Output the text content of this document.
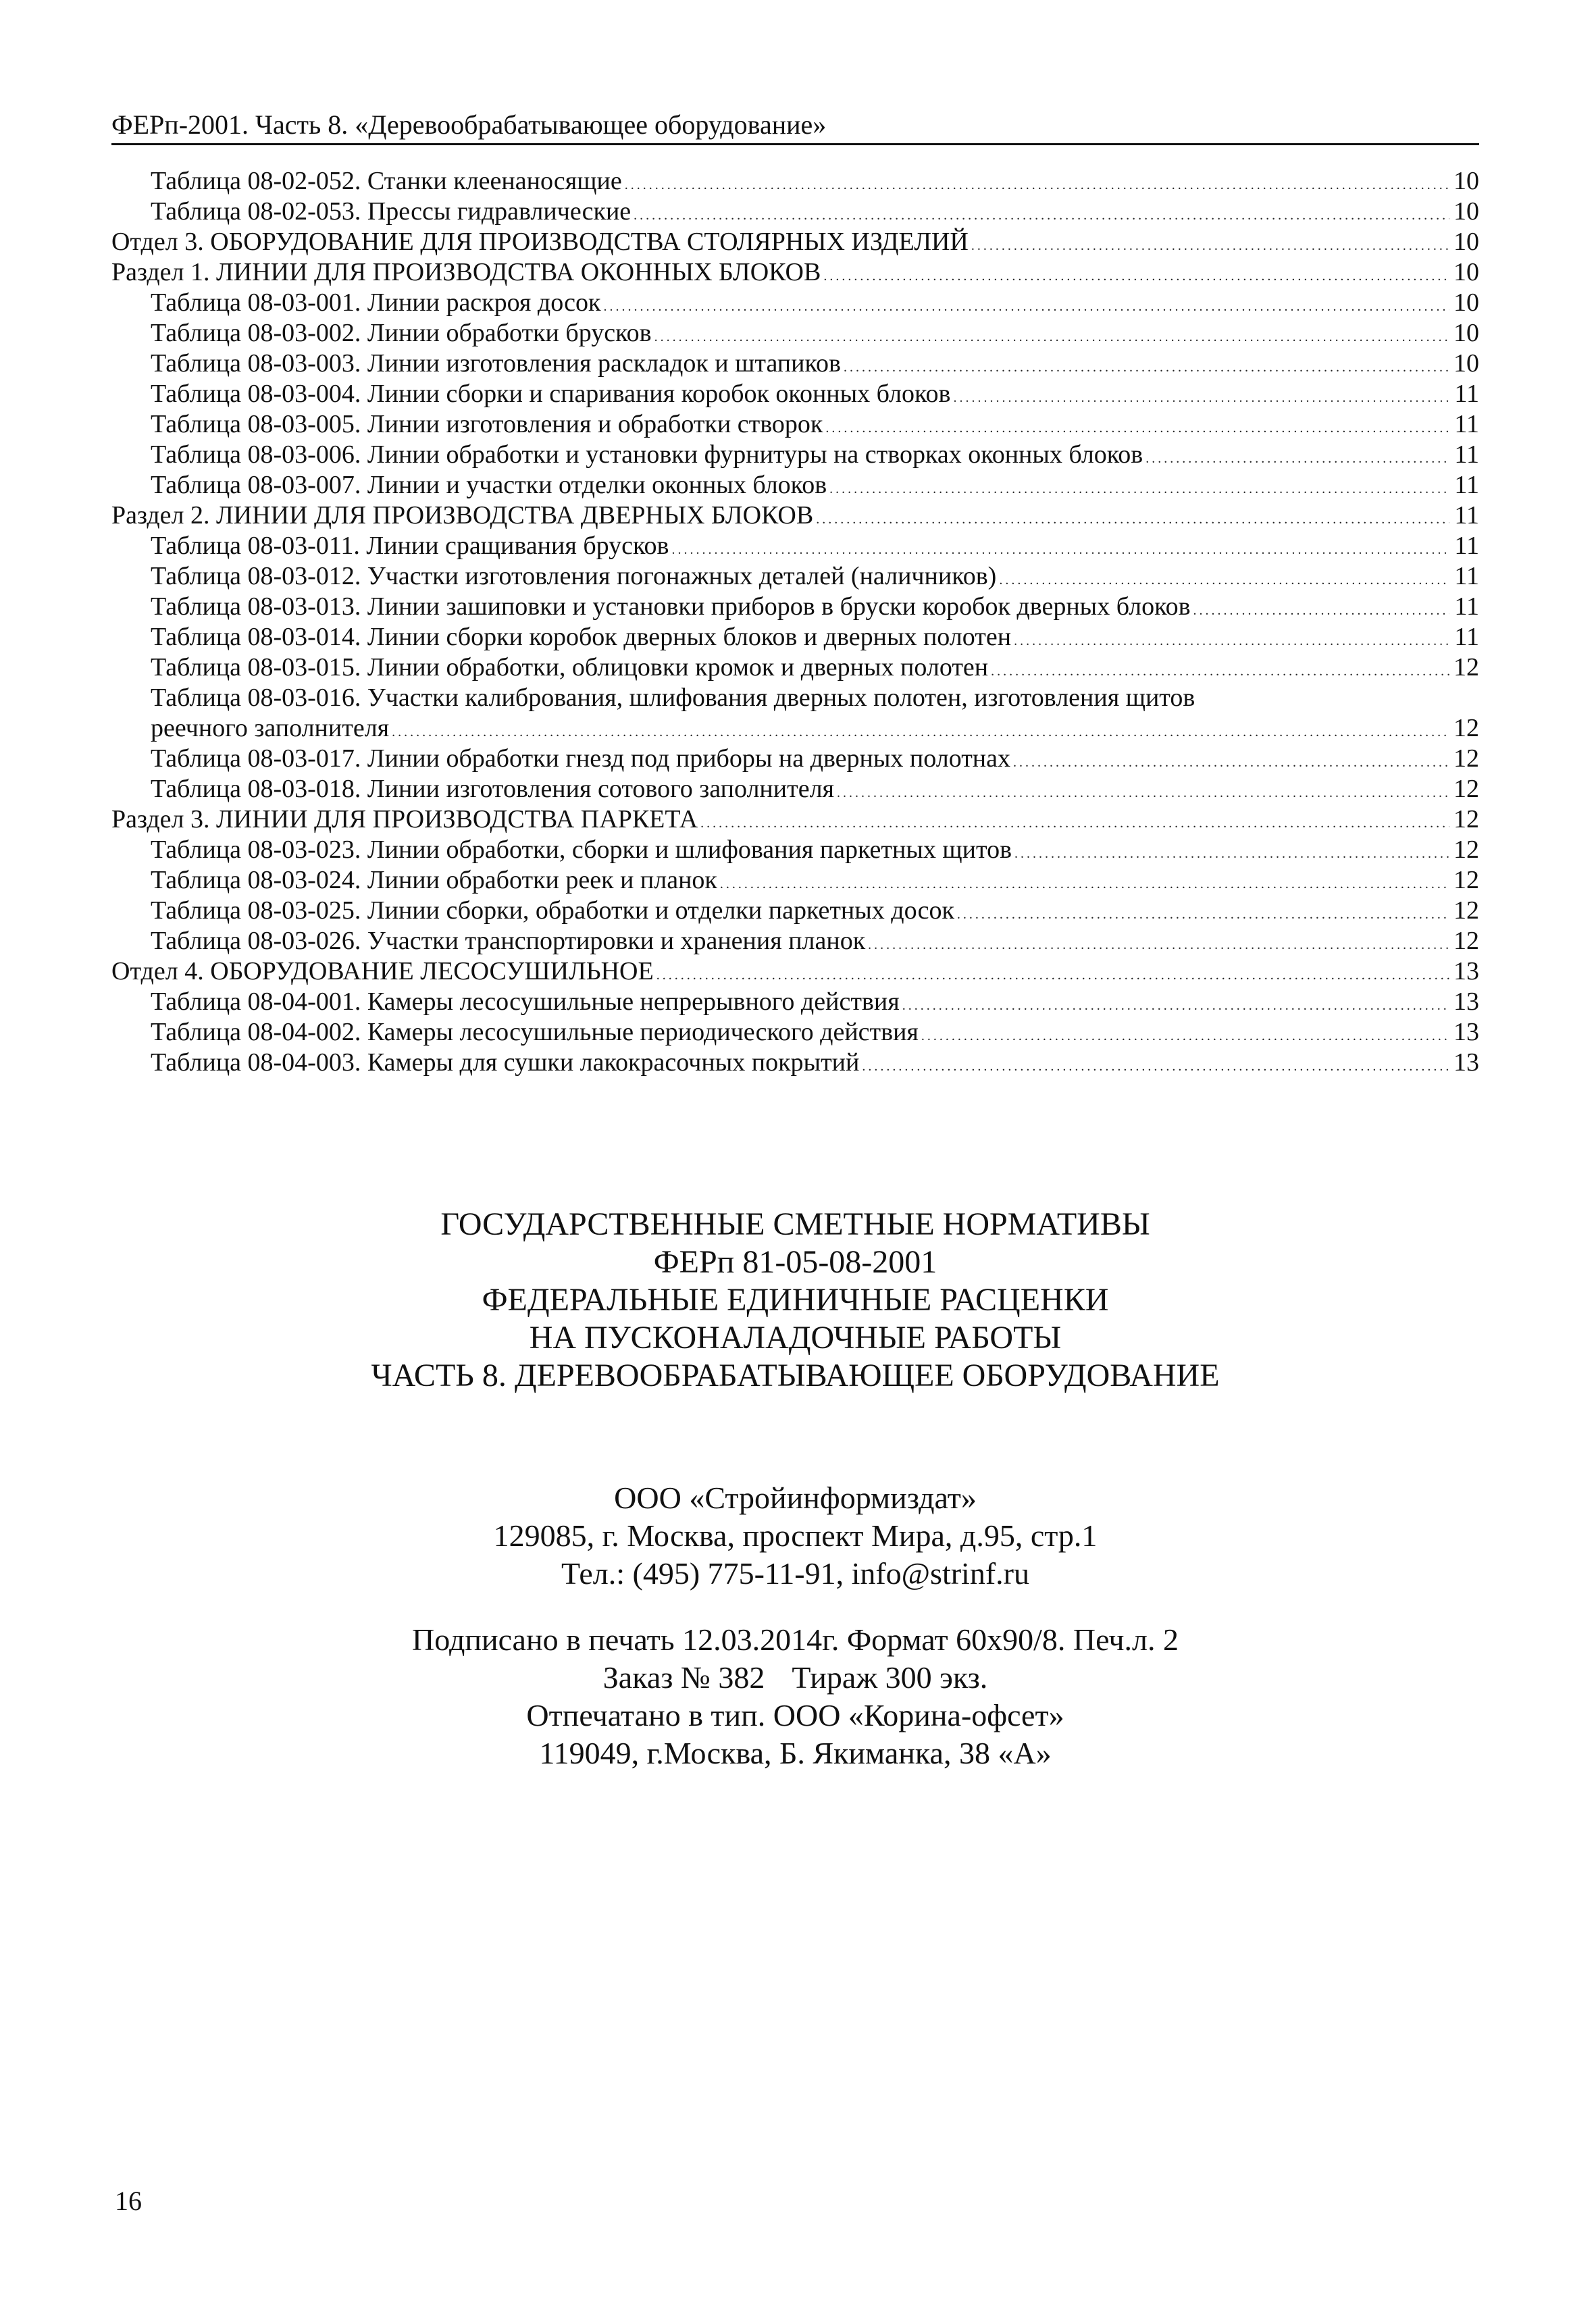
ФЕРп-2001. Часть 8. «Деревообрабатывающее оборудование»
Таблица 08-02-052. Станки клеенаносящие .....	10
Таблица 08-02-053. Прессы гидравлические .....	10
Отдел 3. ОБОРУДОВАНИЕ ДЛЯ ПРОИЗВОДСТВА СТОЛЯРНЫХ ИЗДЕЛИЙ .....	10
Раздел 1. ЛИНИИ ДЛЯ ПРОИЗВОДСТВА ОКОННЫХ БЛОКОВ .....	10
Таблица 08-03-001. Линии раскроя досок .....	10
Таблица 08-03-002. Линии обработки брусков .....	10
Таблица 08-03-003. Линии изготовления раскладок и штапиков .....	10
Таблица 08-03-004. Линии сборки и спаривания коробок оконных блоков .....	11
Таблица 08-03-005. Линии изготовления и обработки створок .....	11
Таблица 08-03-006. Линии обработки и установки фурнитуры на створках оконных блоков .....	11
Таблица 08-03-007. Линии и участки отделки оконных блоков .....	11
Раздел 2. ЛИНИИ ДЛЯ ПРОИЗВОДСТВА ДВЕРНЫХ БЛОКОВ .....	11
Таблица 08-03-011. Линии сращивания брусков .....	11
Таблица 08-03-012. Участки изготовления погонажных деталей (наличников) .....	11
Таблица 08-03-013. Линии зашиповки и установки приборов в бруски коробок дверных блоков .....	11
Таблица 08-03-014. Линии сборки коробок дверных блоков и дверных полотен .....	11
Таблица 08-03-015. Линии обработки, облицовки кромок и дверных полотен .....	12
Таблица 08-03-016. Участки калибрования, шлифования дверных полотен, изготовления щитов
реечного заполнителя .....	12
Таблица 08-03-017. Линии обработки гнезд под приборы на дверных полотнах .....	12
Таблица 08-03-018. Линии изготовления сотового заполнителя .....	12
Раздел 3. ЛИНИИ ДЛЯ ПРОИЗВОДСТВА ПАРКЕТА .....	12
Таблица 08-03-023. Линии обработки, сборки и шлифования паркетных щитов .....	12
Таблица 08-03-024. Линии обработки реек и планок .....	12
Таблица 08-03-025. Линии сборки, обработки и отделки паркетных досок .....	12
Таблица 08-03-026. Участки транспортировки и хранения планок .....	12
Отдел 4. ОБОРУДОВАНИЕ ЛЕСОСУШИЛЬНОЕ .....	13
Таблица 08-04-001. Камеры лесосушильные непрерывного действия .....	13
Таблица 08-04-002. Камеры лесосушильные периодического действия .....	13
Таблица 08-04-003. Камеры для сушки лакокрасочных покрытий .....	13
ГОСУДАРСТВЕННЫЕ СМЕТНЫЕ НОРМАТИВЫ
ФЕРп 81-05-08-2001
ФЕДЕРАЛЬНЫЕ ЕДИНИЧНЫЕ РАСЦЕНКИ
НА ПУСКОНАЛАДОЧНЫЕ РАБОТЫ
ЧАСТЬ 8. ДЕРЕВООБРАБАТЫВАЮЩЕЕ ОБОРУДОВАНИЕ
ООО «Стройинформиздат»
129085, г. Москва, проспект Мира, д.95, стр.1
Тел.: (495) 775-11-91, info@strinf.ru
Подписано в печать 12.03.2014г. Формат 60х90/8. Печ.л. 2
Заказ № 382 Тираж 300 экз.
Отпечатано в тип. ООО «Корина-офсет»
119049, г.Москва, Б. Якиманка, 38 «А»
16
